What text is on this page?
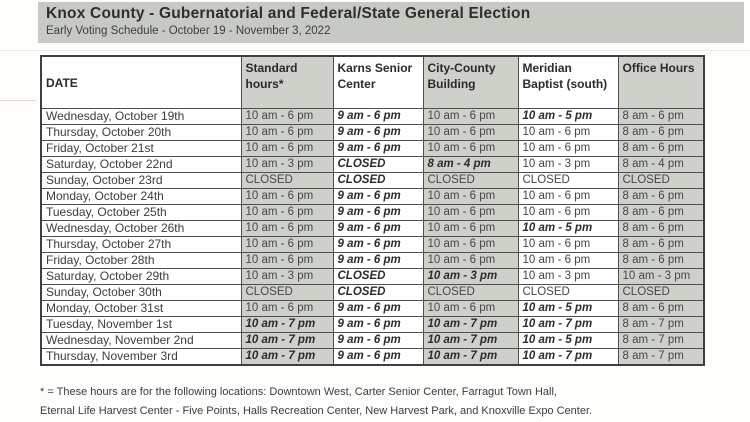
Knox County - Gubernatorial and Federal/State General Election
Early Voting Schedule - October 19 - November 3, 2022
DATE	Standard hours*	Karns Senior Center	City-County Building	Meridian Baptist (south)	Office Hours
Wednesday, October 19th	10 am - 6 pm	9 am - 6 pm	10 am - 6 pm	10 am - 5 pm	8 am - 6 pm
Thursday, October 20th	10 am - 6 pm	9 am - 6 pm	10 am - 6 pm	10 am - 6 pm	8 am - 6 pm
Friday, October 21st	10 am - 6 pm	9 am - 6 pm	10 am - 6 pm	10 am - 6 pm	8 am - 6 pm
Saturday, October 22nd	10 am - 3 pm	CLOSED	8 am - 4 pm	10 am - 3 pm	8 am - 4 pm
Sunday, October 23rd	CLOSED	CLOSED	CLOSED	CLOSED	CLOSED
Monday, October 24th	10 am - 6 pm	9 am - 6 pm	10 am - 6 pm	10 am - 6 pm	8 am - 6 pm
Tuesday, October 25th	10 am - 6 pm	9 am - 6 pm	10 am - 6 pm	10 am - 6 pm	8 am - 6 pm
Wednesday, October 26th	10 am - 6 pm	9 am - 6 pm	10 am - 6 pm	10 am - 5 pm	8 am - 6 pm
Thursday, October 27th	10 am - 6 pm	9 am - 6 pm	10 am - 6 pm	10 am - 6 pm	8 am - 6 pm
Friday, October 28th	10 am - 6 pm	9 am - 6 pm	10 am - 6 pm	10 am - 6 pm	8 am - 6 pm
Saturday, October 29th	10 am - 3 pm	CLOSED	10 am - 3 pm	10 am - 3 pm	10 am - 3 pm
Sunday, October 30th	CLOSED	CLOSED	CLOSED	CLOSED	CLOSED
Monday, October 31st	10 am - 6 pm	9 am - 6 pm	10 am - 6 pm	10 am - 5 pm	8 am - 6 pm
Tuesday, November 1st	10 am - 7 pm	9 am - 6 pm	10 am - 7 pm	10 am - 7 pm	8 am - 7 pm
Wednesday, November 2nd	10 am - 7 pm	9 am - 6 pm	10 am - 7 pm	10 am - 5 pm	8 am - 7 pm
Thursday, November 3rd	10 am - 7 pm	9 am - 6 pm	10 am - 7 pm	10 am - 7 pm	8 am - 7 pm
* = These hours are for the following locations: Downtown West, Carter Senior Center, Farragut Town Hall,
Eternal Life Harvest Center - Five Points, Halls Recreation Center, New Harvest Park, and Knoxville Expo Center.
